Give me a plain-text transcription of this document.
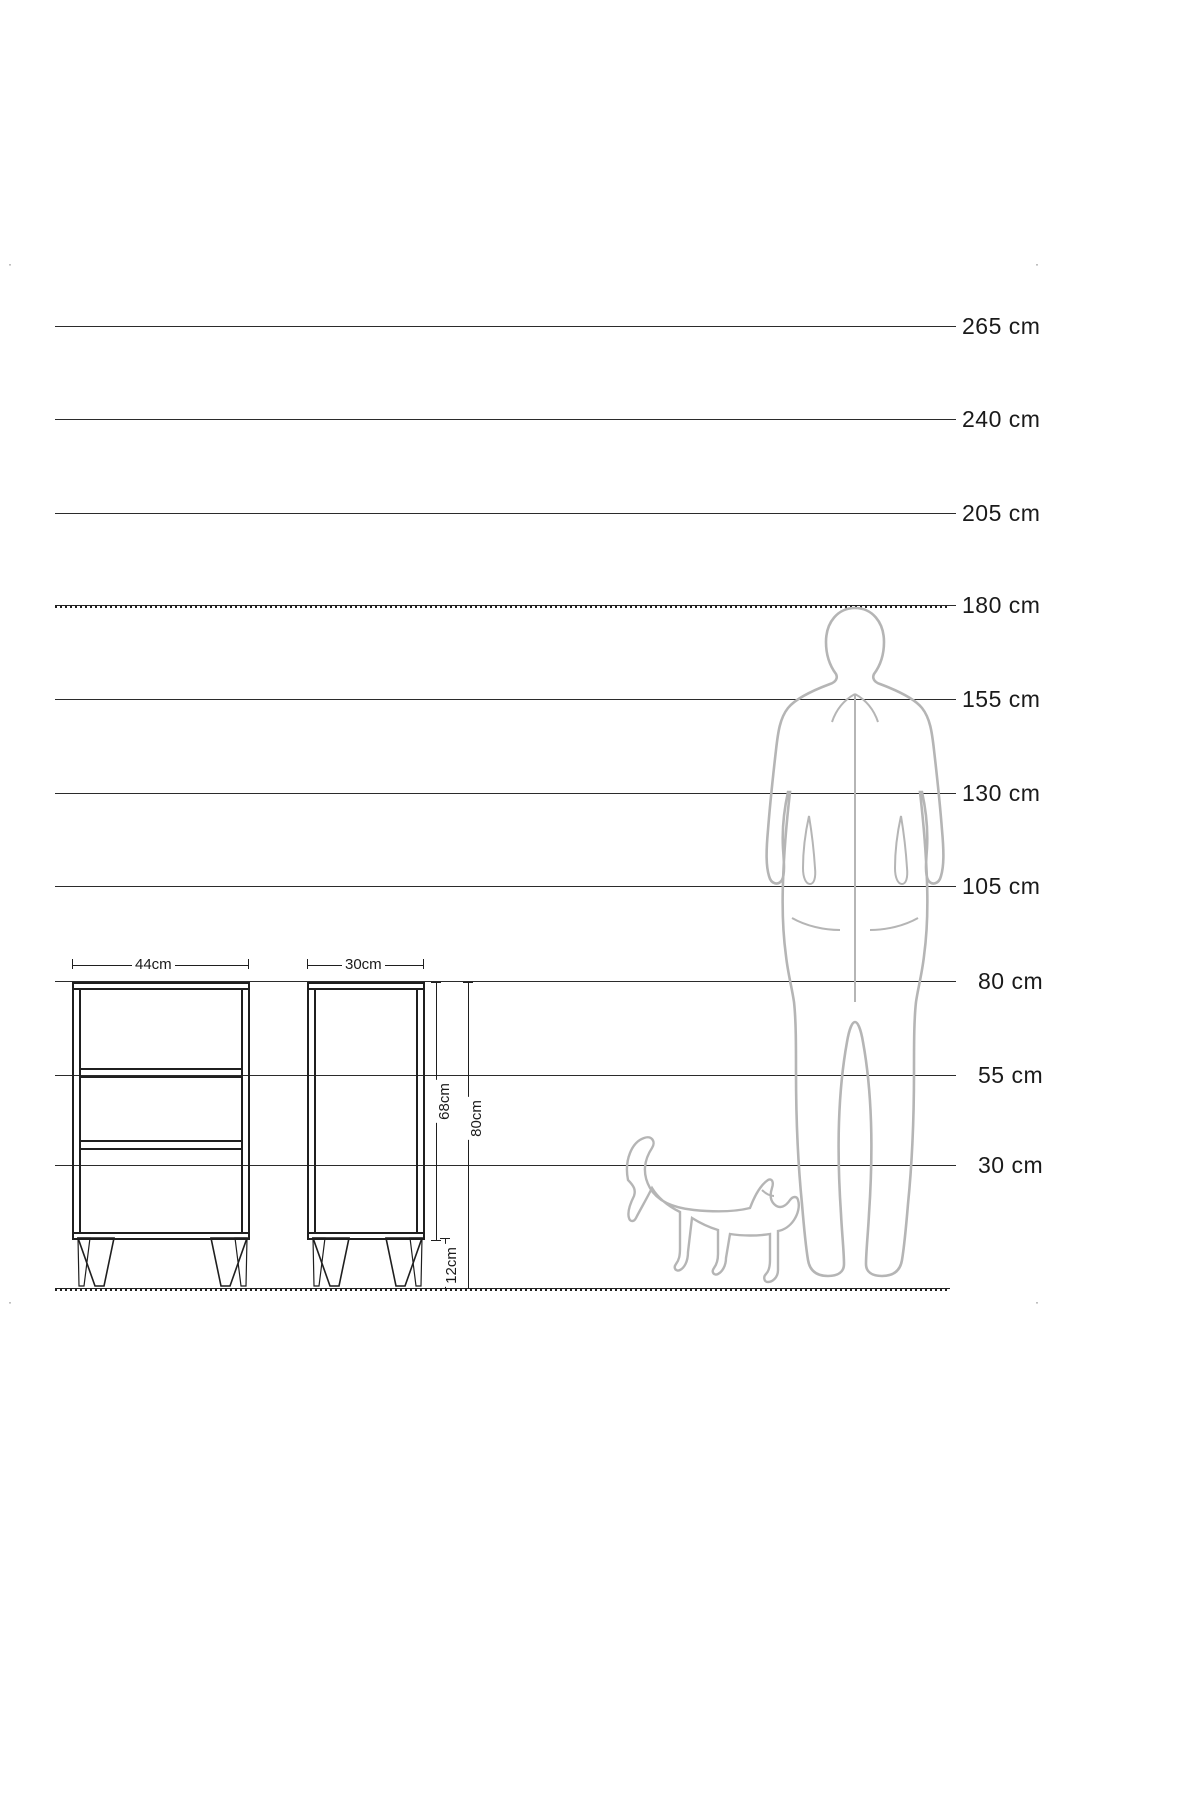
·	·
·	·
265 cm
240 cm
205 cm
180 cm
155 cm
130 cm
105 cm
80 cm
55 cm
30 cm
44cm	30cm
68cm 80cm
12cm
